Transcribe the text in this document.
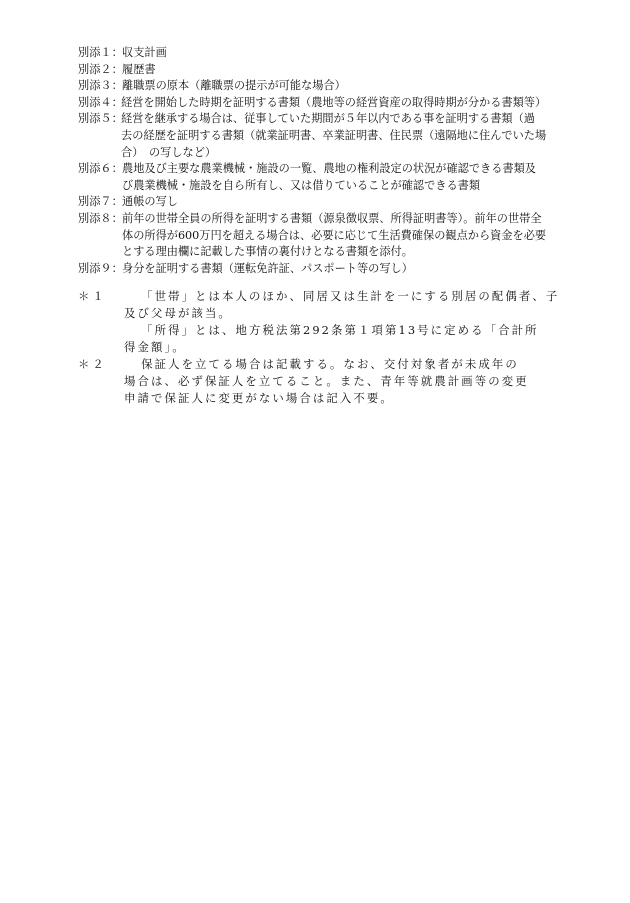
別添１： 収支計画
別添２： 履歴書
別添３： 離職票の原本（離職票の提示が可能な場合）
別添４：
経営を開始した時期を証明する書類（農地等の経営資産の取得時期が分かる書類等）
別添５：
経営を継承する場合は、従事していた期間が５年以内である事を証明する書類（過
去の経歴を証明する書類（就業証明書、卒業証明書、住民票（遠隔地に住んでいた場
合）　の写しなど）
別添６： 農地及び主要な農業機械・施設の一覧、農地の権利設定の状況が確認できる書類及
び農業機械・施設を自ら所有し、又は借りていることが確認できる書類
別添７： 通帳の写し
別添８： 前年の世帯全員の所得を証明する書類（源泉徴収票、所得証明書等）。前年の世帯全
体の所得が600万円を超える場合は、必要に応じて生活費確保の観点から資金を必要
とする理由欄に記載した事情の裏付けとなる書類を添付。
別添９： 身分を証明する書類（運転免許証、パスポート等の写し）
＊１	「世帯」とは本人のほか、同居又は生計を一にする別居の配偶者、子
及び父母が該当。
「所得」とは、地方税法第292条第１項第13号に定める「合計所
得金額」。
＊２	保証人を立てる場合は記載する。なお、交付対象者が未成年の
場合は、必ず保証人を立てること。また、青年等就農計画等の変更
申請で保証人に変更がない場合は記入不要。
